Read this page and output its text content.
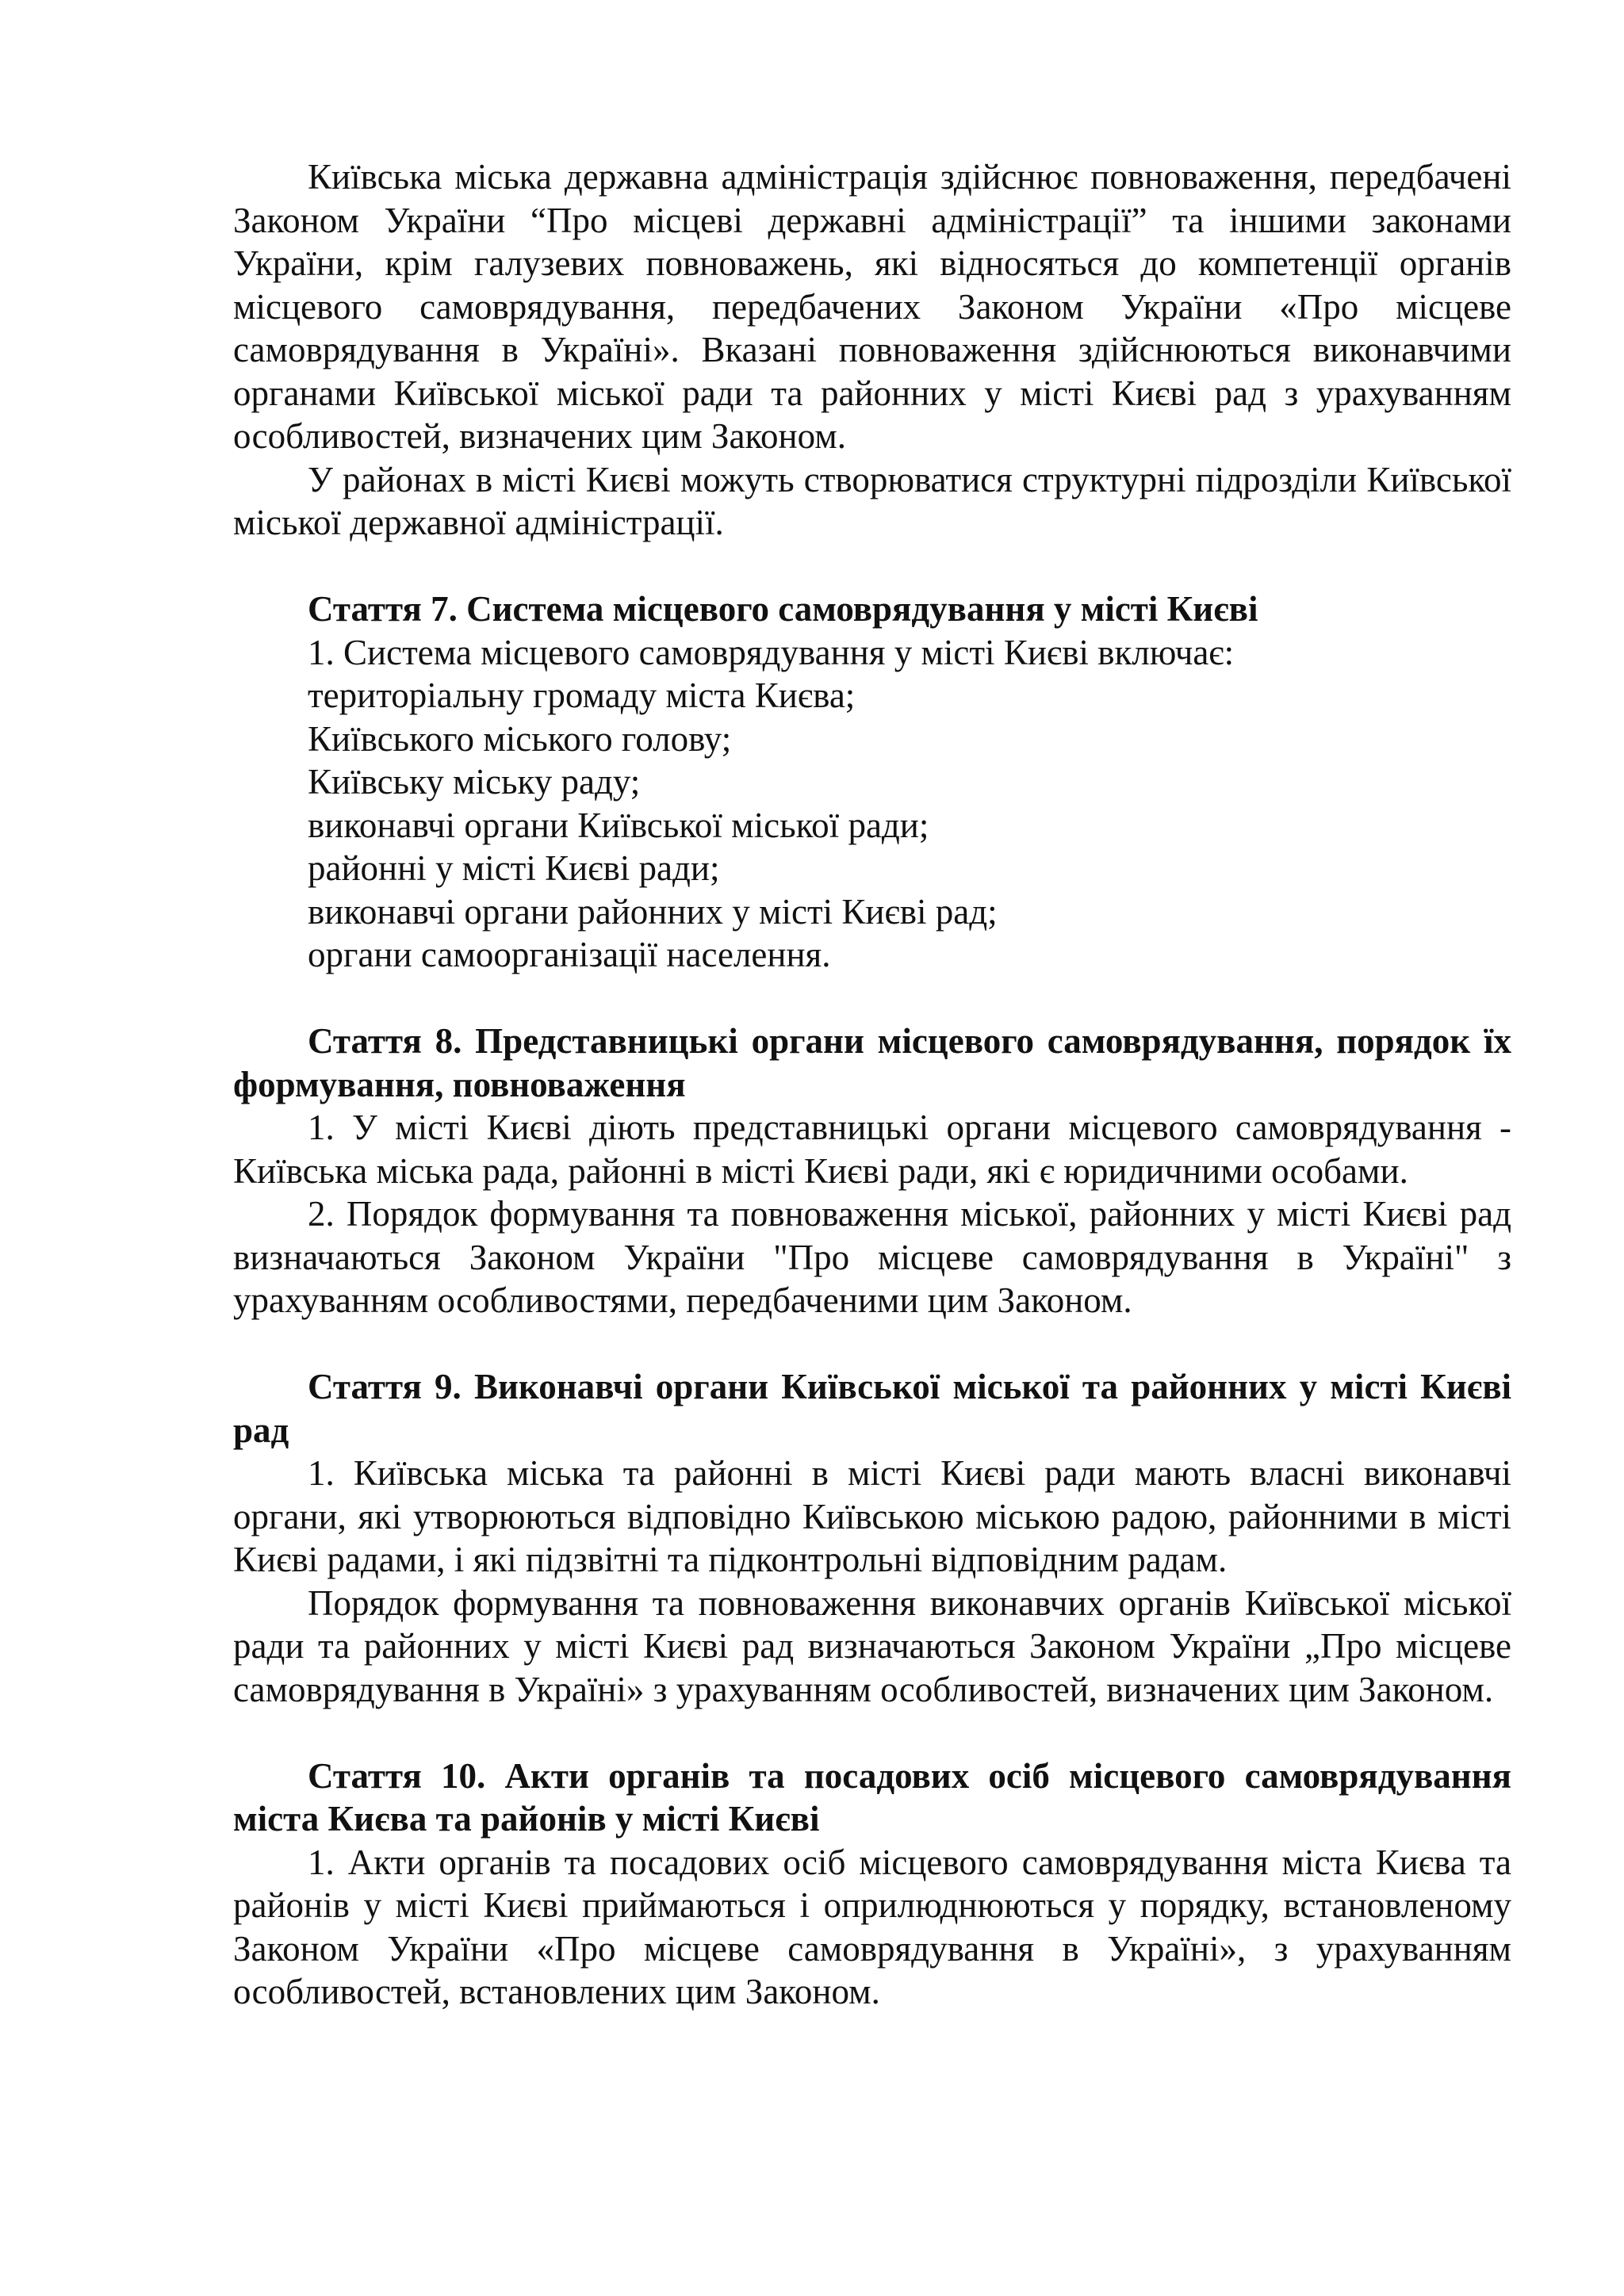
Київська міська державна адміністрація здійснює повноваження, передбачені Законом України “Про місцеві державні адміністрації” та іншими законами України, крім галузевих повноважень, які відносяться до компетенції органів місцевого самоврядування, передбачених Законом України «Про місцеве самоврядування в Україні». Вказані повноваження здійснюються виконавчими органами Київської міської ради та районних у місті Києві рад з урахуванням особливостей, визначених цим Законом.

У районах в місті Києві можуть створюватися структурні підрозділи Київської міської державної адміністрації.

Стаття 7. Система місцевого самоврядування у місті Києві

1. Система місцевого самоврядування у місті Києві включає:

територіальну громаду міста Києва;

Київського міського голову;

Київську міську раду;

виконавчі органи Київської міської ради;

районні у місті Києві ради;

виконавчі органи районних у місті Києві рад;

органи самоорганізації населення.

Стаття 8. Представницькі органи місцевого самоврядування, порядок їх формування, повноваження

1. У місті Києві діють представницькі органи місцевого самоврядування - Київська міська рада, районні в місті Києві ради, які є юридичними особами.

2. Порядок формування та повноваження міської, районних у місті Києві рад визначаються Законом України "Про місцеве самоврядування в Україні" з урахуванням особливостями, передбаченими цим Законом.

Стаття 9. Виконавчі органи Київської міської та районних у місті Києві рад

1. Київська міська та районні в місті Києві ради мають власні виконавчі органи, які утворюються відповідно Київською міською радою, районними в місті Києві радами, і які підзвітні та підконтрольні відповідним радам.

Порядок формування та повноваження виконавчих органів Київської міської ради та районних у місті Києві рад визначаються Законом України „Про місцеве самоврядування в Україні» з урахуванням особливостей, визначених цим Законом.

Стаття 10. Акти органів та посадових осіб місцевого самоврядування міста Києва та районів у місті Києві

1. Акти органів та посадових осіб місцевого самоврядування міста Києва та районів у місті Києві приймаються і оприлюднюються у порядку, встановленому Законом України «Про місцеве самоврядування в Україні», з урахуванням особливостей, встановлених цим Законом.
